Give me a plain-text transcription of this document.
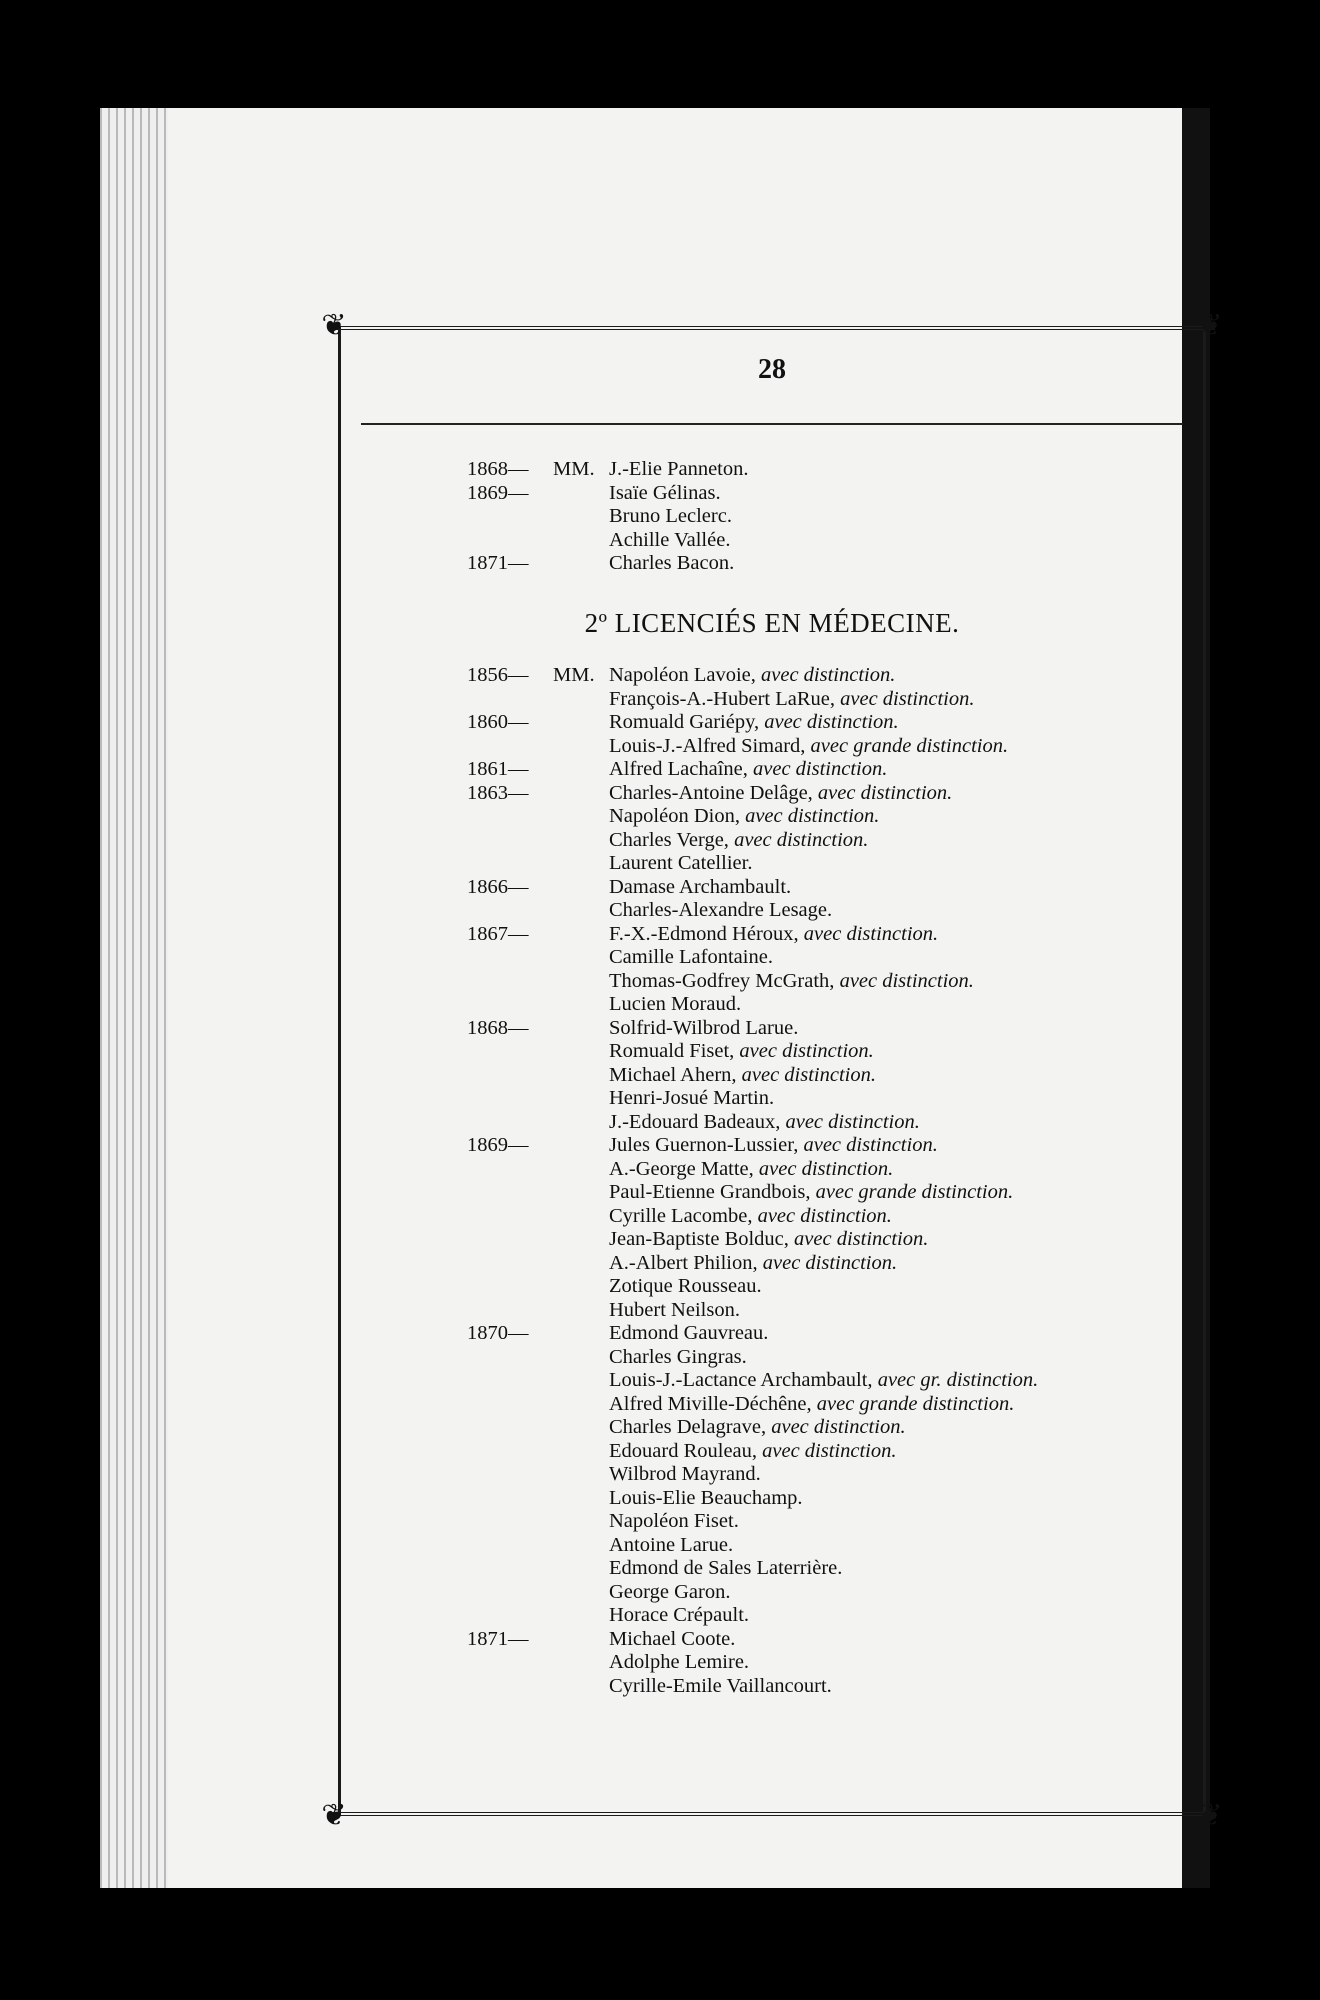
❦	❦
❦	❦
28
1868— MM. J.-Elie Panneton.
1869—	Isaïe Gélinas.
Bruno Leclerc.
Achille Vallée.
1871—	Charles Bacon.
2º LICENCIÉS EN MÉDECINE.
1856— MM. Napoléon Lavoie, avec distinction.
François-A.-Hubert LaRue, avec distinction.
1860—	Romuald Gariépy, avec distinction.
Louis-J.-Alfred Simard, avec grande distinction.
1861—	Alfred Lachaîne, avec distinction.
1863—	Charles-Antoine Delâge, avec distinction.
Napoléon Dion, avec distinction.
Charles Verge, avec distinction.
Laurent Catellier.
1866—	Damase Archambault.
Charles-Alexandre Lesage.
1867—	F.-X.-Edmond Héroux, avec distinction.
Camille Lafontaine.
Thomas-Godfrey McGrath, avec distinction.
Lucien Moraud.
1868—	Solfrid-Wilbrod Larue.
Romuald Fiset, avec distinction.
Michael Ahern, avec distinction.
Henri-Josué Martin.
J.-Edouard Badeaux, avec distinction.
1869—	Jules Guernon-Lussier, avec distinction.
A.-George Matte, avec distinction.
Paul-Etienne Grandbois, avec grande distinction.
Cyrille Lacombe, avec distinction.
Jean-Baptiste Bolduc, avec distinction.
A.-Albert Philion, avec distinction.
Zotique Rousseau.
Hubert Neilson.
1870—	Edmond Gauvreau.
Charles Gingras.
Louis-J.-Lactance Archambault, avec gr. distinction.
Alfred Miville-Déchêne, avec grande distinction.
Charles Delagrave, avec distinction.
Edouard Rouleau, avec distinction.
Wilbrod Mayrand.
Louis-Elie Beauchamp.
Napoléon Fiset.
Antoine Larue.
Edmond de Sales Laterrière.
George Garon.
Horace Crépault.
1871—	Michael Coote.
Adolphe Lemire.
Cyrille-Emile Vaillancourt.
